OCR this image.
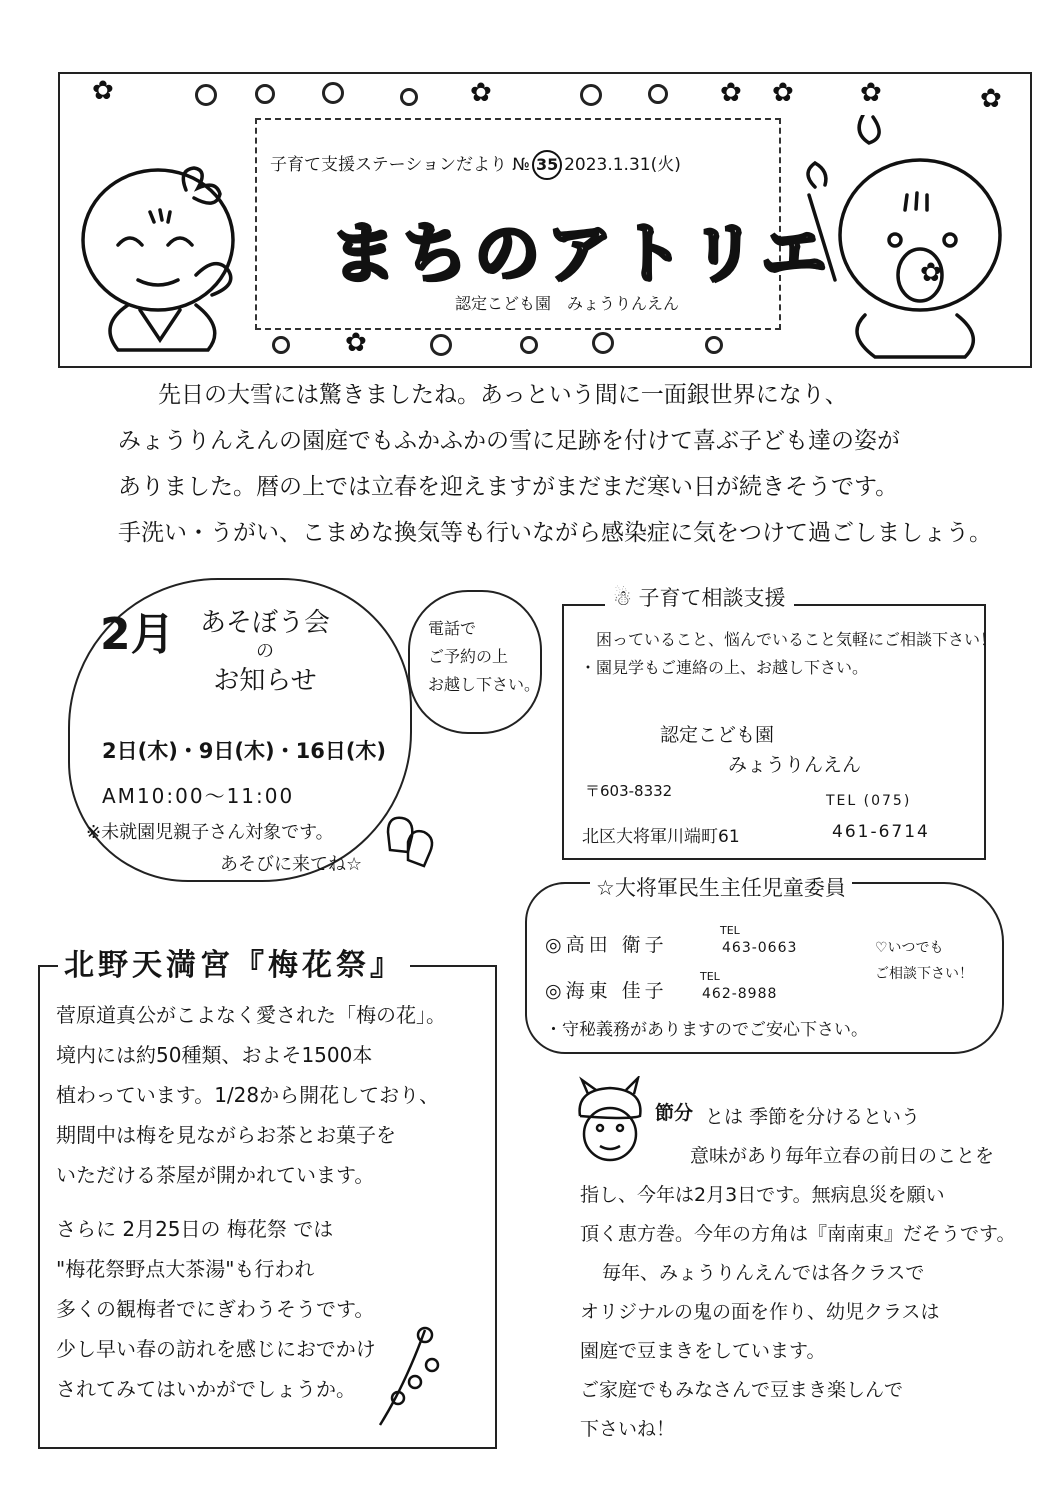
✿	✿	✿ ✿	✿	✿
✿
✿
子育て支援ステーションだより № 35 2023.1.31(火)
まちのアトリエ
認定こども園　みょうりんえん

先日の大雪には驚きましたね。あっという間に一面銀世界になり、

みょうりんえんの園庭でもふかふかの雪に足跡を付けて喜ぶ子ども達の姿が

ありました。暦の上では立春を迎えますがまだまだ寒い日が続きそうです。

手洗い・うがい、こまめな換気等も行いながら感染症に気をつけて過ごしましょう。

2月 あそぼう会
の
お知らせ
電話で
ご予約の上
お越し下さい。
2日(木)・9日(木)・16日(木)
AM10:00～11:00
※未就園児親子さん対象です。
あそびに来てね☆
☃ 子育て相談支援
困っていること、悩んでいること気軽にご相談下さい！
・園見学もご連絡の上、お越し下さい。
認定こども園
みょうりんえん
〒603-8332
TEL (075)
北区大将軍川端町61	461-6714
☆大将軍民生主任児童委員
◎高田 衛子
TEL
463-0663
◎海東 佳子
TEL
462-8988
♡いつでも
ご相談下さい！
・守秘義務がありますのでご安心下さい。
北野天満宮『梅花祭』

菅原道真公がこよなく愛された「梅の花」。

境内には約50種類、およそ1500本

植わっています。1/28から開花しており、

期間中は梅を見ながらお茶とお菓子を

いただける茶屋が開かれています。

さらに 2月25日の 梅花祭 では

"梅花祭野点大茶湯"も行われ

多くの観梅者でにぎわうそうです。

少し早い春の訪れを感じにおでかけ

されてみてはいかがでしょうか。

節分 とは 季節を分けるという

意味があり毎年立春の前日のことを

指し、今年は2月3日です。無病息災を願い

頂く恵方巻。今年の方角は『南南東』だそうです。

毎年、みょうりんえんでは各クラスで

オリジナルの鬼の面を作り、幼児クラスは

園庭で豆まきをしています。

ご家庭でもみなさんで豆まき楽しんで

下さいね！
